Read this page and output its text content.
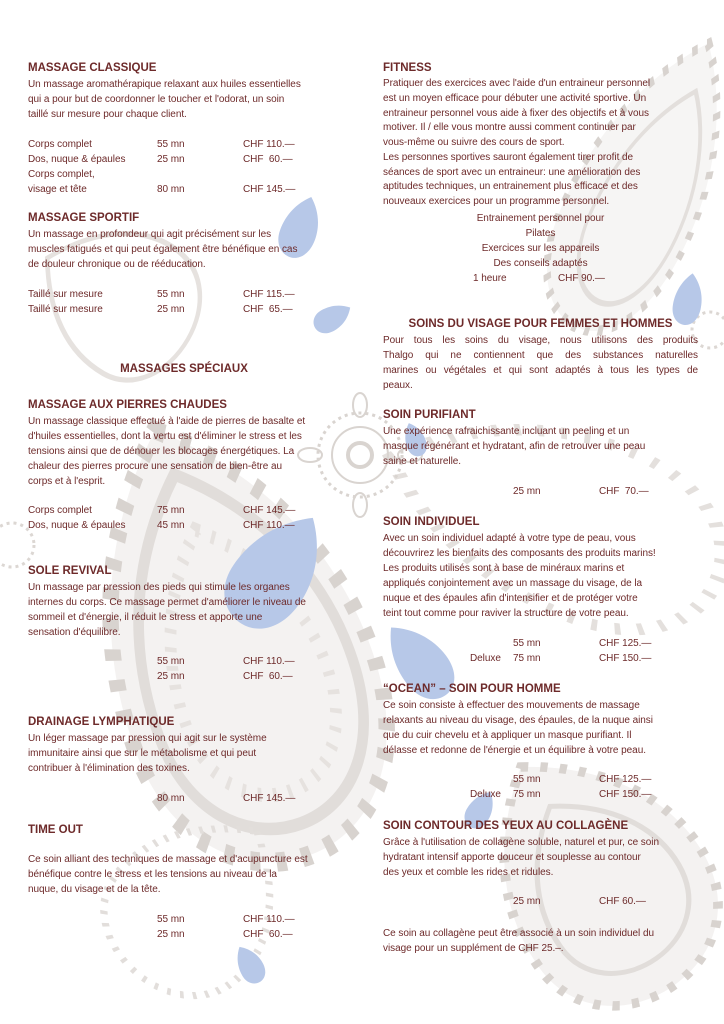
MASSAGE CLASSIQUE
Un massage aromathérapique relaxant aux huiles essentielles
qui a pour but de coordonner le toucher et l'odorat, un soin
taillé sur mesure pour chaque client.
Corps complet	55 mn	CHF 110.—
Dos, nuque & épaules	25 mn	CHF  60.—
Corps complet,
visage et tête	80 mn	CHF 145.—
MASSAGE SPORTIF
Un massage en profondeur qui agit précisément sur les
muscles fatigués et qui peut également être bénéfique en cas
de douleur chronique ou de rééducation.
Taillé sur mesure	55 mn	CHF 115.—
Taillé sur mesure	25 mn	CHF  65.—
MASSAGES SPÉCIAUX
MASSAGE AUX PIERRES CHAUDES
Un massage classique effectué à l'aide de pierres de basalte et
d'huiles essentielles, dont la vertu est d'éliminer le stress et les
tensions ainsi que de dénouer les blocages énergétiques. La
chaleur des pierres procure une sensation de bien-être au
corps et à l'esprit.
Corps complet	75 mn	CHF 145.—
Dos, nuque & épaules	45 mn	CHF 110.—
SOLE REVIVAL
Un massage par pression des pieds qui stimule les organes
internes du corps. Ce massage permet d'améliorer le niveau de
sommeil et d'énergie, il réduit le stress et apporte une
sensation d'équilibre.
55 mn	CHF 110.—
25 mn	CHF  60.—
DRAINAGE LYMPHATIQUE
Un léger massage par pression qui agit sur le système
immunitaire ainsi que sur le métabolisme et qui peut
contribuer à l'élimination des toxines.
80 mn	CHF 145.—
TIME OUT
Ce soin alliant des techniques de massage et d'acupuncture est
bénéfique contre le stress et les tensions au niveau de la
nuque, du visage et de la tête.
55 mn	CHF 110.—
25 mn	CHF  60.—
FITNESS
Pratiquer des exercices avec l'aide d'un entraineur personnel
est un moyen efficace pour débuter une activité sportive. Un
entraineur personnel vous aide à fixer des objectifs et à vous
motiver. Il / elle vous montre aussi comment continuer par
vous-même ou suivre des cours de sport.
Les personnes sportives sauront également tirer profit de
séances de sport avec un entraineur: une amélioration des
aptitudes techniques, un entrainement plus efficace et des
nouveaux exercices pour un programme personnel.
Entrainement personnel pour
Pilates
Exercices sur les appareils
Des conseils adaptés
1 heure	CHF 90.—
SOINS DU VISAGE POUR FEMMES ET HOMMES
Pour tous les soins du visage, nous utilisons des produits
Thalgo qui ne contiennent que des substances naturelles
marines ou végétales et qui sont adaptés à tous les types de
peaux.
SOIN PURIFIANT
Une expérience rafraichissante incluant un peeling et un
masque régénérant et hydratant, afin de retrouver une peau
saine et naturelle.
25 mn	CHF  70.—
SOIN INDIVIDUEL
Avec un soin individuel adapté à votre type de peau, vous
découvrirez les bienfaits des composants des produits marins!
Les produits utilisés sont à base de minéraux marins et
appliqués conjointement avec un massage du visage, de la
nuque et des épaules afin d'intensifier et de protéger votre
teint tout comme pour raviver la structure de votre peau.
55 mn	CHF 125.—
Deluxe 75 mn	CHF 150.—
“OCEAN” – SOIN POUR HOMME
Ce soin consiste à effectuer des mouvements de massage
relaxants au niveau du visage, des épaules, de la nuque ainsi
que du cuir chevelu et à appliquer un masque purifiant. Il
délasse et redonne de l'énergie et un équilibre à votre peau.
55 mn	CHF 125.—
Deluxe 75 mn	CHF 150.—
SOIN CONTOUR DES YEUX AU COLLAGÈNE
Grâce à l'utilisation de collagène soluble, naturel et pur, ce soin
hydratant intensif apporte douceur et souplesse au contour
des yeux et comble les rides et ridules.
25 mn	CHF 60.—
Ce soin au collagène peut être associé à un soin individuel du
visage pour un supplément de CHF 25.–.
